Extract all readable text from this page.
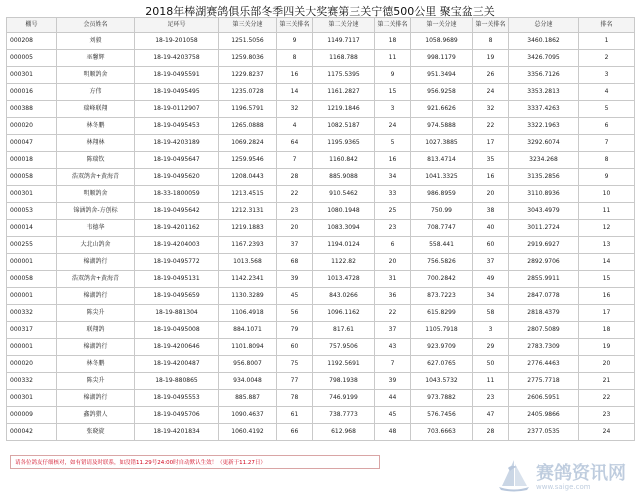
2018年棒湖赛鸽俱乐部冬季四关大奖赛第三关宁德500公里 聚宝盆三关
棚号	会员姓名	足环号	第三关分速	第三关排名	第二关分速	第二关排名	第一关分速	第一关排名	总分速	排名
000208	刘毅	18-19-201058	1251.5056	9	1149.7117	18	1058.9689	8	3460.1862	1
000005	巫馨辉	18-19-4203758	1259.8036	8	1168.788	11	998.1179	19	3426.7095	2
000301	明顺鸽舍	18-19-0495591	1229.8237	16	1175.5395	9	951.3494	26	3356.7126	3
000016	方伟	18-19-0495495	1235.0728	14	1161.2827	15	956.9258	24	3353.2813	4
000388	瑞峰联翔	18-19-0112907	1196.5791	32	1219.1846	3	921.6626	32	3337.4263	5
000020	林冬鹏	18-19-0495453	1265.0888	4	1082.5187	24	974.5888	22	3322.1963	6
000047	林翔林	18-19-4203189	1069.2824	64	1195.9365	5	1027.3885	17	3292.6074	7
000018	陈瑞钦	18-19-0495647	1259.9546	7	1160.842	16	813.4714	35	3234.268	8
000058	浩双鸽舍+黄海青	18-19-0495620	1208.0443	28	885.9088	34	1041.3325	16	3135.2856	9
000301	明顺鸽舍	18-33-1800059	1213.4515	22	910.5462	33	986.8959	20	3110.8936	10
000053	锦涵鸽舍-方创标	18-19-0495642	1212.3131	23	1080.1948	25	750.99	38	3043.4979	11
000014	韦德华	18-19-4201162	1219.1883	20	1083.3094	23	708.7747	40	3011.2724	12
000255	大北山鸽舍	18-19-4204003	1167.2393	37	1194.0124	6	558.441	60	2919.6927	13
000001	棉湖鸽行	18-19-0495772	1013.568	68	1122.82	20	756.5826	37	2892.9706	14
000058	浩双鸽舍+黄海青	18-19-0495131	1142.2341	39	1013.4728	31	700.2842	49	2855.9911	15
000001	棉湖鸽行	18-19-0495659	1130.3289	45	843.0266	36	873.7223	34	2847.0778	16
000332	陈尖升	18-19-881304	1106.4918	56	1096.1162	22	615.8299	58	2818.4379	17
000317	联翔鸽	18-19-0495008	884.1071	79	817.61	37	1105.7918	3	2807.5089	18
000001	棉湖鸽行	18-19-4200646	1101.8094	60	757.9506	43	923.9709	29	2783.7309	19
000020	林冬鹏	18-19-4200487	956.8007	75	1192.5691	7	627.0765	50	2776.4463	20
000332	陈尖升	18-19-880865	934.0048	77	798.1938	39	1043.5732	11	2775.7718	21
000301	棉湖鸽行	18-19-0495553	885.887	78	746.9199	44	973.7882	23	2606.5951	22
000009	鑫鸽猎人	18-19-0495706	1090.4637	61	738.7773	45	576.7456	47	2405.9866	23
000042	张晓旋	18-19-4201834	1060.4192	66	612.968	48	703.6663	28	2377.0535	24
请各位鸽友仔细核对，如有错请及时联系，如没错11.29号24:00时自动默认生效！（更新于11.27日）	赛鸽资讯网
www.saige.com
